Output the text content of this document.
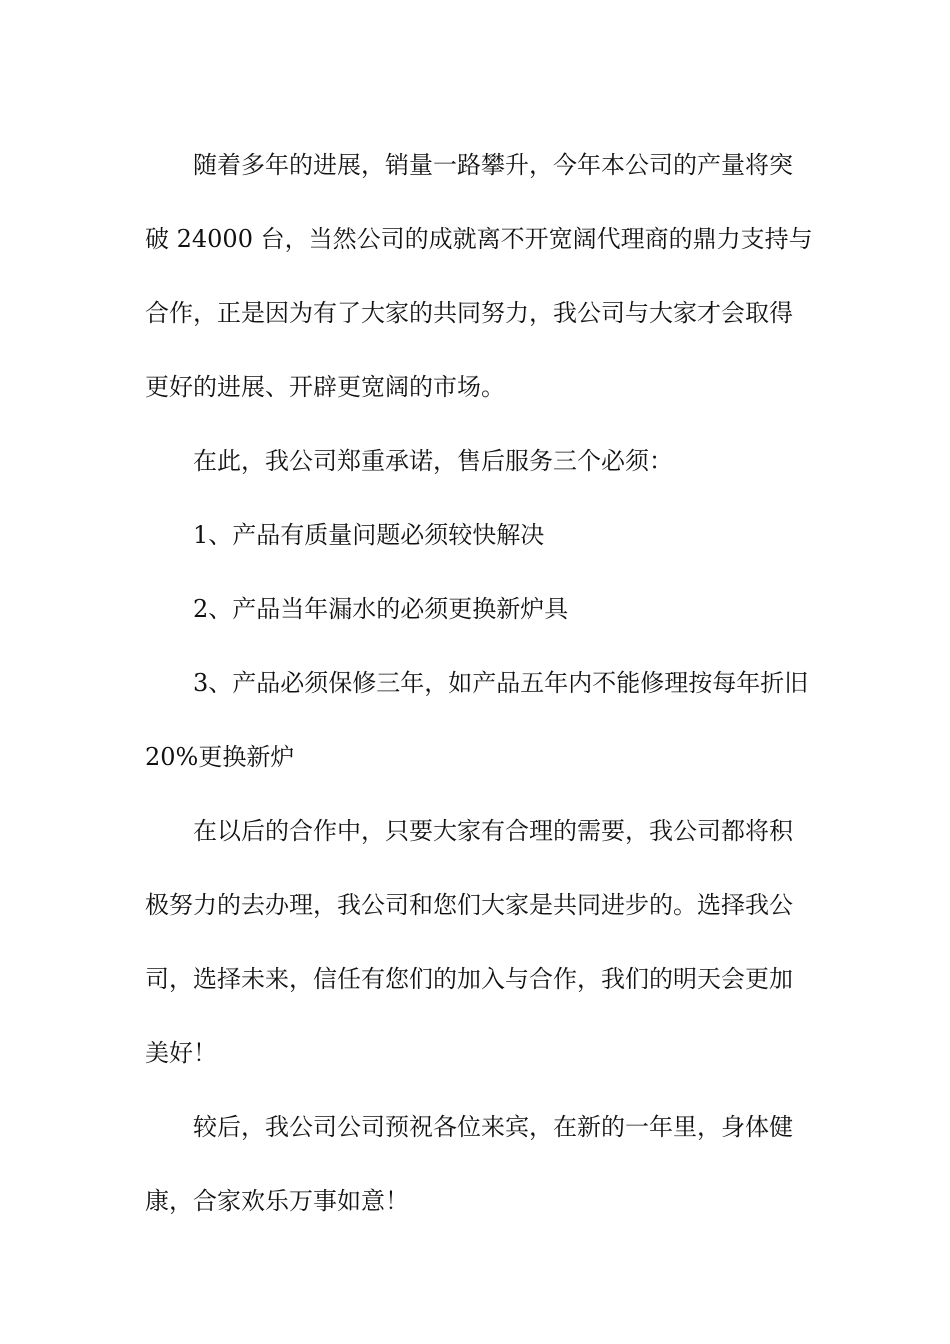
随着多年的进展，销量一路攀升，今年本公司的产量将突
破 24000 台，当然公司的成就离不开宽阔代理商的鼎力支持与
合作，正是因为有了大家的共同努力，我公司与大家才会取得
更好的进展、开辟更宽阔的市场。

在此，我公司郑重承诺，售后服务三个必须：

1、产品有质量问题必须较快解决

2、产品当年漏水的必须更换新炉具

3、产品必须保修三年，如产品五年内不能修理按每年折旧
20%更换新炉

在以后的合作中，只要大家有合理的需要，我公司都将积
极努力的去办理，我公司和您们大家是共同进步的。选择我公
司，选择未来，信任有您们的加入与合作，我们的明天会更加
美好！

较后，我公司公司预祝各位来宾，在新的一年里，身体健
康，合家欢乐万事如意！
